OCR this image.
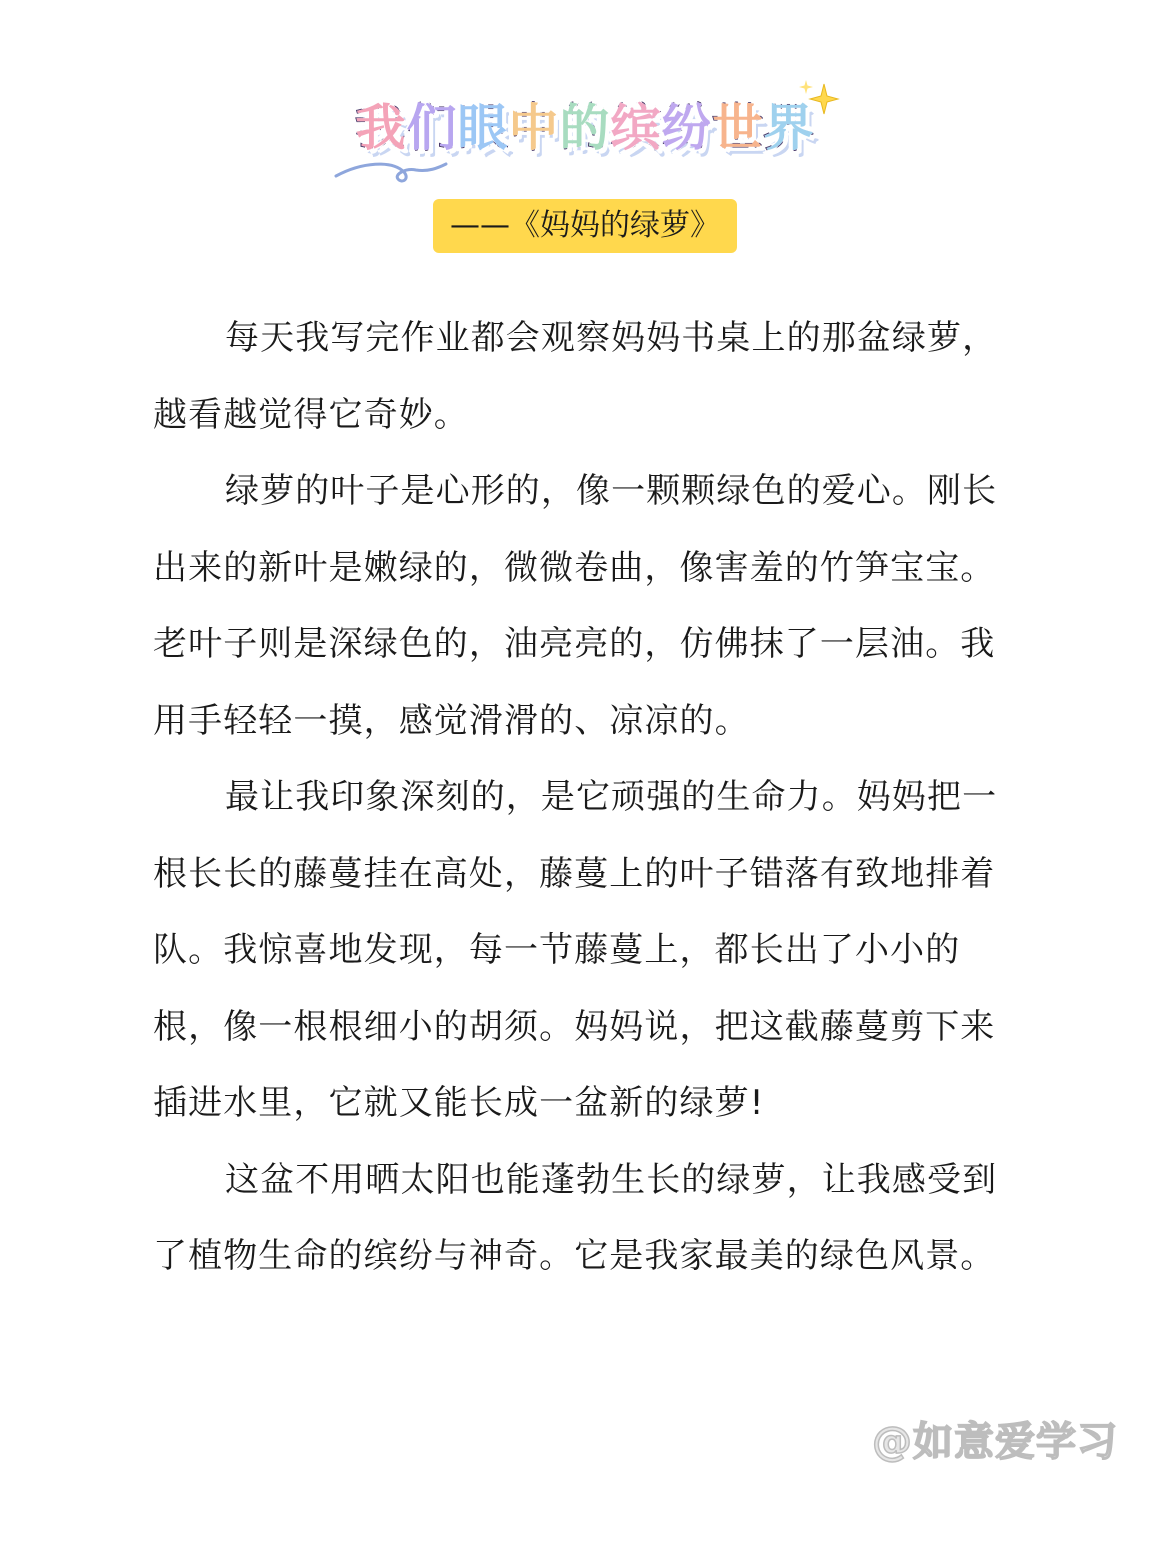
我们眼中的缤纷世界
——《妈妈的绿萝》

每天我写完作业都会观察妈妈书桌上的那盆绿萝，越看越觉得它奇妙。

绿萝的叶子是心形的，像一颗颗绿色的爱心。刚长出来的新叶是嫩绿的，微微卷曲，像害羞的竹笋宝宝。老叶子则是深绿色的，油亮亮的，仿佛抹了一层油。我用手轻轻一摸，感觉滑滑的、凉凉的。

最让我印象深刻的，是它顽强的生命力。妈妈把一根长长的藤蔓挂在高处，藤蔓上的叶子错落有致地排着队。我惊喜地发现，每一节藤蔓上，都长出了小小的根，像一根根细小的胡须。妈妈说，把这截藤蔓剪下来插进水里，它就又能长成一盆新的绿萝!

这盆不用晒太阳也能蓬勃生长的绿萝，让我感受到了植物生命的缤纷与神奇。它是我家最美的绿色风景。

@如意爱学习
